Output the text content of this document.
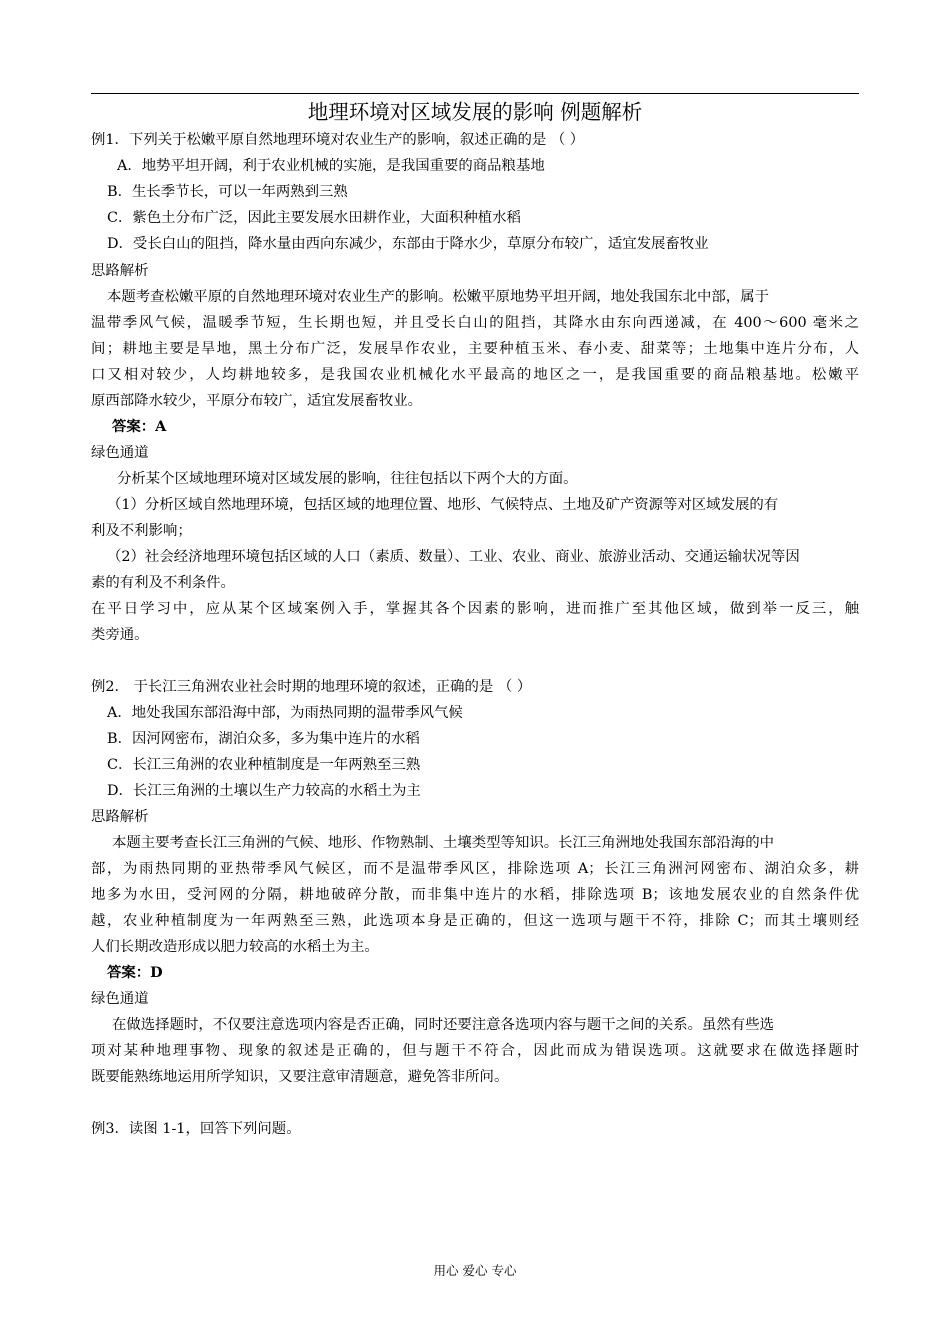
地理环境对区域发展的影响 例题解析
例1．下列关于松嫩平原自然地理环境对农业生产的影响，叙述正确的是 （ ）
A．地势平坦开阔，利于农业机械的实施，是我国重要的商品粮基地
B．生长季节长，可以一年两熟到三熟
C．紫色土分布广泛，因此主要发展水田耕作业，大面积种植水稻
D．受长白山的阻挡，降水量由西向东减少，东部由于降水少，草原分布较广，适宜发展畜牧业
思路解析
本题考查松嫩平原的自然地理环境对农业生产的影响。松嫩平原地势平坦开阔，地处我国东北中部，属于
温带季风气候，温暖季节短，生长期也短，并且受长白山的阻挡，其降水由东向西递减，在 400～600 毫米之
间；耕地主要是旱地，黑土分布广泛，发展旱作农业，主要种植玉米、春小麦、甜菜等；土地集中连片分布，人
口又相对较少，人均耕地较多，是我国农业机械化水平最高的地区之一，是我国重要的商品粮基地。松嫩平
原西部降水较少，平原分布较广，适宜发展畜牧业。
答案：A
绿色通道
分析某个区域地理环境对区域发展的影响，往往包括以下两个大的方面。
（1）分析区域自然地理环境，包括区域的地理位置、地形、气候特点、土地及矿产资源等对区域发展的有
利及不利影响；
（2）社会经济地理环境包括区域的人口（素质、数量）、工业、农业、商业、旅游业活动、交通运输状况等因
素的有利及不利条件。
在平日学习中，应从某个区域案例入手，掌握其各个因素的影响，进而推广至其他区域，做到举一反三，触
类旁通。
例2． 于长江三角洲农业社会时期的地理环境的叙述，正确的是 （ ）
A．地处我国东部沿海中部，为雨热同期的温带季风气候
B．因河网密布，湖泊众多，多为集中连片的水稻
C．长江三角洲的农业种植制度是一年两熟至三熟
D．长江三角洲的土壤以生产力较高的水稻土为主
思路解析
本题主要考查长江三角洲的气候、地形、作物熟制、土壤类型等知识。长江三角洲地处我国东部沿海的中
部，为雨热同期的亚热带季风气候区，而不是温带季风区，排除选项 A；长江三角洲河网密布、湖泊众多，耕
地多为水田，受河网的分隔，耕地破碎分散，而非集中连片的水稻，排除选项 B；该地发展农业的自然条件优
越，农业种植制度为一年两熟至三熟，此选项本身是正确的，但这一选项与题干不符，排除 C；而其土壤则经
人们长期改造形成以肥力较高的水稻土为主。
答案：D
绿色通道
在做选择题时，不仅要注意选项内容是否正确，同时还要注意各选项内容与题干之间的关系。虽然有些选
项对某种地理事物、现象的叙述是正确的，但与题干不符合，因此而成为错误选项。这就要求在做选择题时
既要能熟练地运用所学知识，又要注意审清题意，避免答非所问。
例3．读图 1-1，回答下列问题。
用心 爱心 专心
